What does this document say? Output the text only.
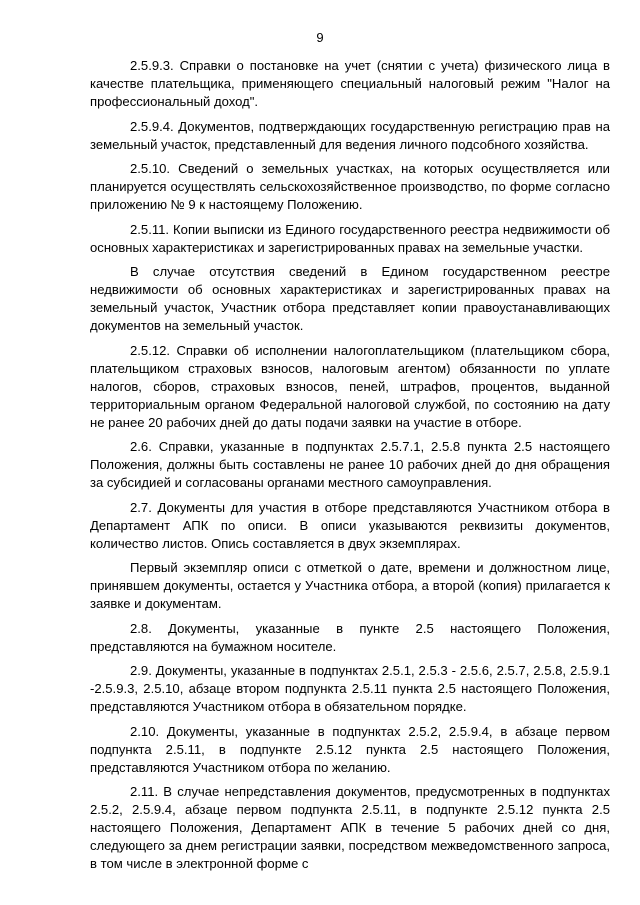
9

2.5.9.3. Справки о постановке на учет (снятии с учета) физического лица в качестве плательщика, применяющего специальный налоговый режим "Налог на профессиональный доход".

2.5.9.4. Документов, подтверждающих государственную регистрацию прав на земельный участок, представленный для ведения личного подсобного хозяйства.

2.5.10. Сведений о земельных участках, на которых осуществляется или планируется осуществлять сельскохозяйственное производство, по форме согласно приложению № 9 к настоящему Положению.

2.5.11. Копии выписки из Единого государственного реестра недвижимости об основных характеристиках и зарегистрированных правах на земельные участки.

В случае отсутствия сведений в Едином государственном реестре недвижимости об основных характеристиках и зарегистрированных правах на земельный участок, Участник отбора представляет копии правоустанавливающих документов на земельный участок.

2.5.12. Справки об исполнении налогоплательщиком (плательщиком сбора, плательщиком страховых взносов, налоговым агентом) обязанности по уплате налогов, сборов, страховых взносов, пеней, штрафов, процентов, выданной территориальным органом Федеральной налоговой службой, по состоянию на дату не ранее 20 рабочих дней до даты подачи заявки на участие в отборе.

2.6. Справки, указанные в подпунктах 2.5.7.1, 2.5.8 пункта 2.5 настоящего Положения, должны быть составлены не ранее 10 рабочих дней до дня обращения за субсидией и согласованы органами местного самоуправления.

2.7. Документы для участия в отборе представляются Участником отбора в Департамент АПК по описи. В описи указываются реквизиты документов, количество листов. Опись составляется в двух экземплярах.

Первый экземпляр описи с отметкой о дате, времени и должностном лице, принявшем документы, остается у Участника отбора, а второй (копия) прилагается к заявке и документам.

2.8. Документы, указанные в пункте 2.5 настоящего Положения, представляются на бумажном носителе.

2.9. Документы, указанные в подпунктах 2.5.1, 2.5.3 - 2.5.6, 2.5.7, 2.5.8, 2.5.9.1 -2.5.9.3, 2.5.10, абзаце втором подпункта 2.5.11 пункта 2.5 настоящего Положения, представляются Участником отбора в обязательном порядке.

2.10. Документы, указанные в подпунктах 2.5.2, 2.5.9.4, в абзаце первом подпункта 2.5.11, в подпункте 2.5.12 пункта 2.5 настоящего Положения, представляются Участником отбора по желанию.

2.11. В случае непредставления документов, предусмотренных в подпунктах 2.5.2, 2.5.9.4, абзаце первом подпункта 2.5.11, в подпункте 2.5.12 пункта 2.5 настоящего Положения, Департамент АПК в течение 5 рабочих дней со дня, следующего за днем регистрации заявки, посредством межведомственного запроса, в том числе в электронной форме с
